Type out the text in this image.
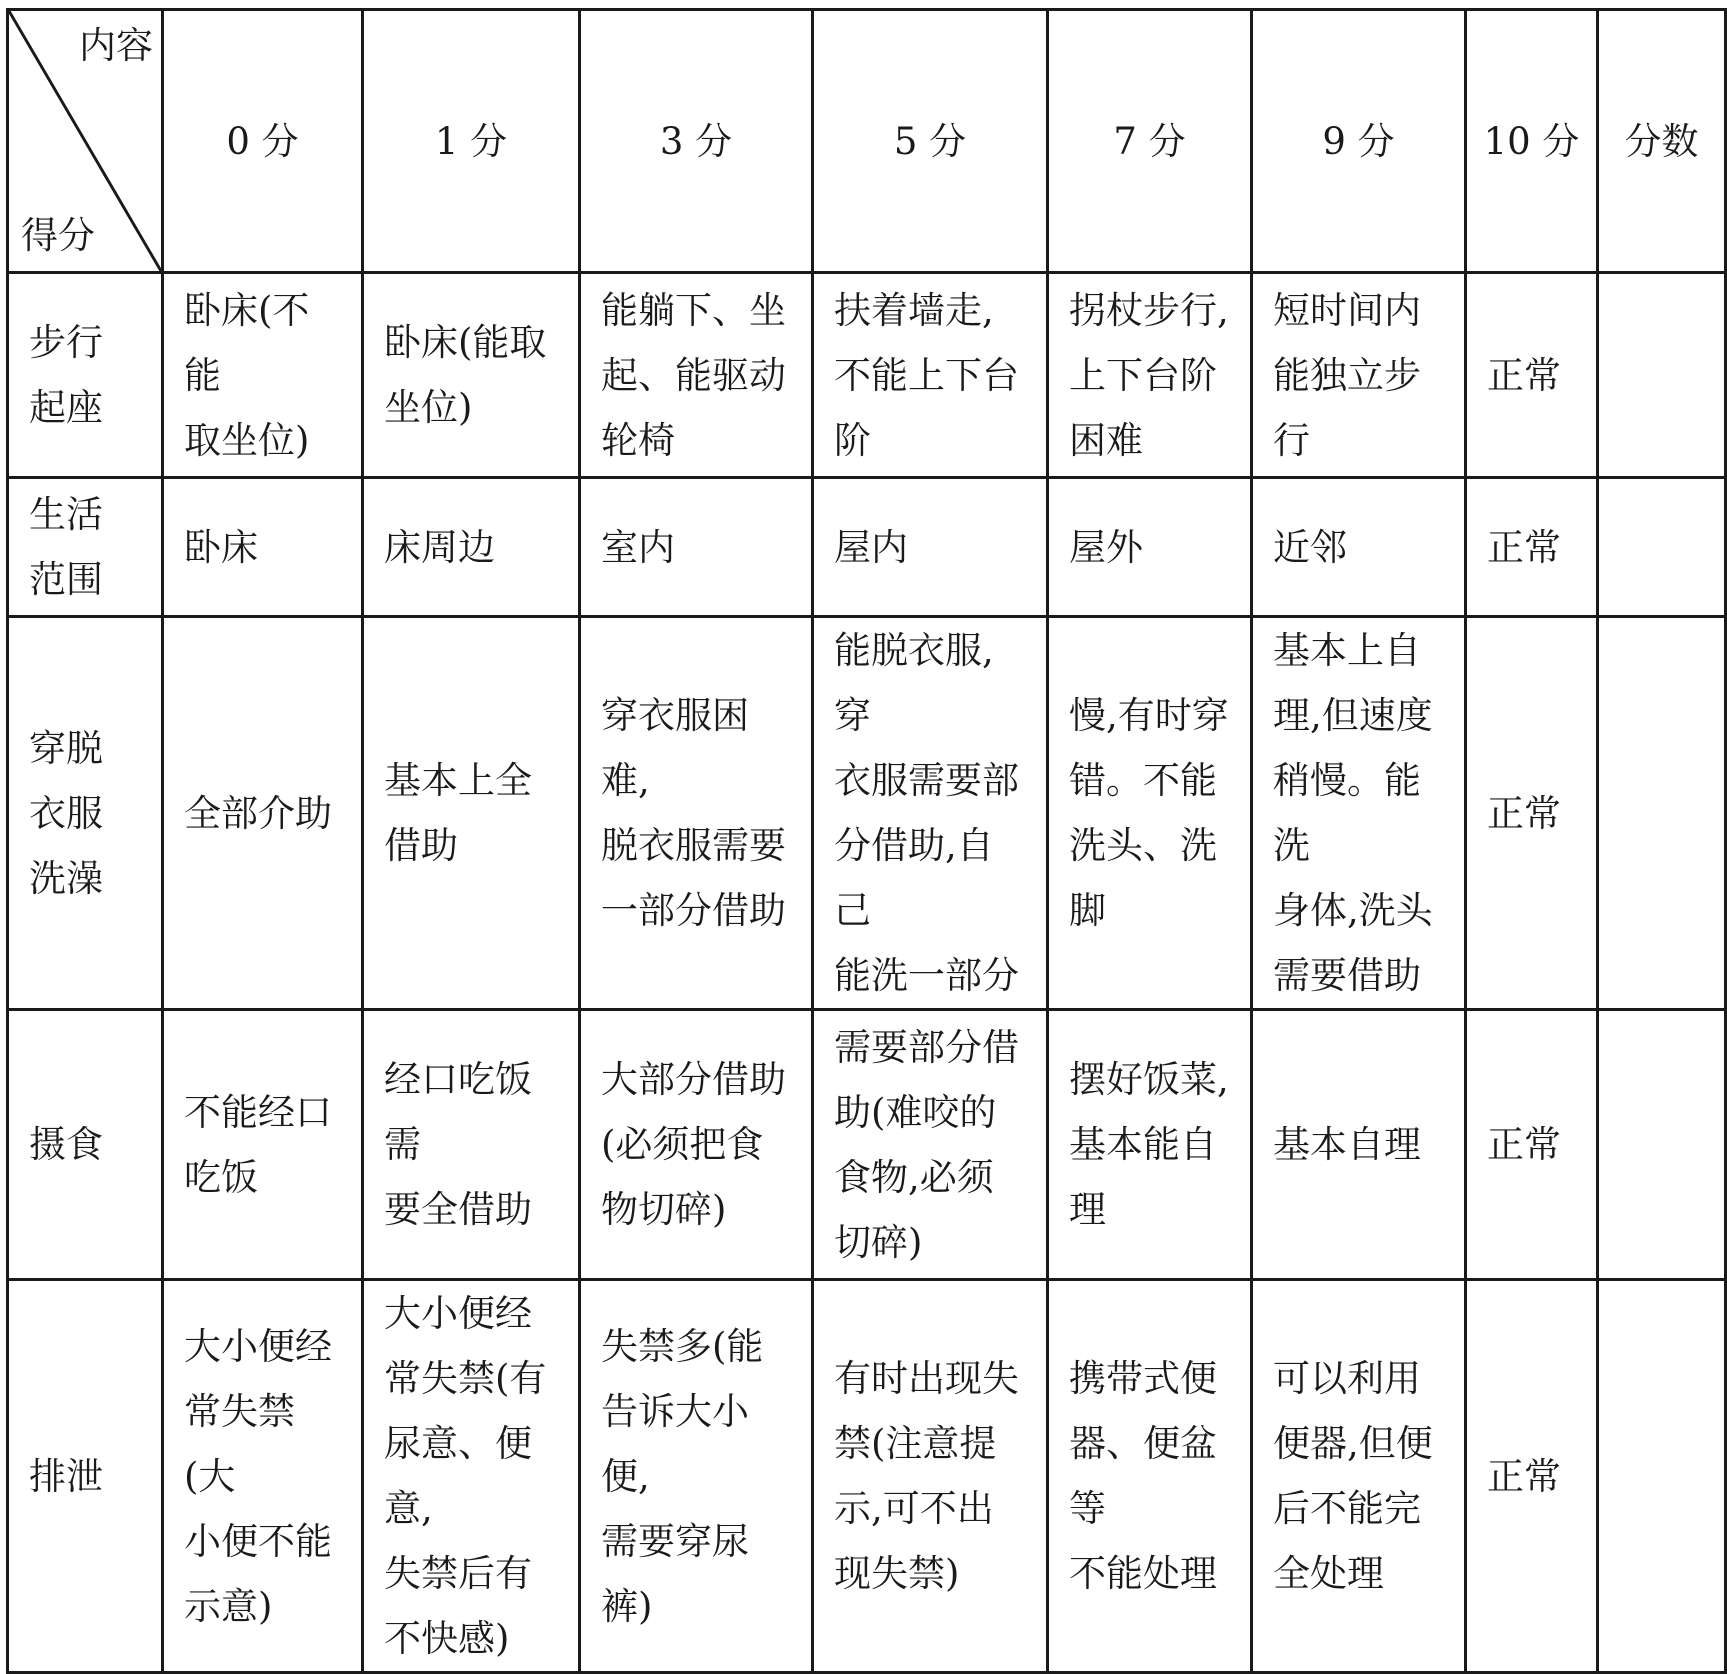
内容

得分	0 分	1 分	3 分	5 分	7 分	9 分	10 分	分数
步行
起座	卧床(不能
取坐位)	卧床(能取
坐位)	能躺下、坐
起、能驱动
轮椅	扶着墙走,
不能上下台
阶	拐杖步行,
上下台阶
困难	短时间内
能独立步
行	正常	
生活
范围	卧床	床周边	室内	屋内	屋外	近邻	正常	
穿脱
衣服
洗澡	全部介助	基本上全
借助	穿衣服困难,
脱衣服需要
一部分借助	能脱衣服,穿
衣服需要部
分借助,自己
能洗一部分	慢,有时穿
错。不能
洗头、洗脚	基本上自
理,但速度
稍慢。能洗
身体,洗头
需要借助	正常	
摄食	不能经口
吃饭	经口吃饭需
要全借助	大部分借助
(必须把食
物切碎)	需要部分借
助(难咬的
食物,必须
切碎)	摆好饭菜,
基本能自
理	基本自理	正常	
排泄	大小便经
常失禁(大
小便不能
示意)	大小便经
常失禁(有
尿意、便意,
失禁后有
不快感)	失禁多(能
告诉大小便,
需要穿尿裤)	有时出现失
禁(注意提
示,可不出
现失禁)	携带式便
器、便盆等
不能处理	可以利用
便器,但便
后不能完
全处理	正常	
